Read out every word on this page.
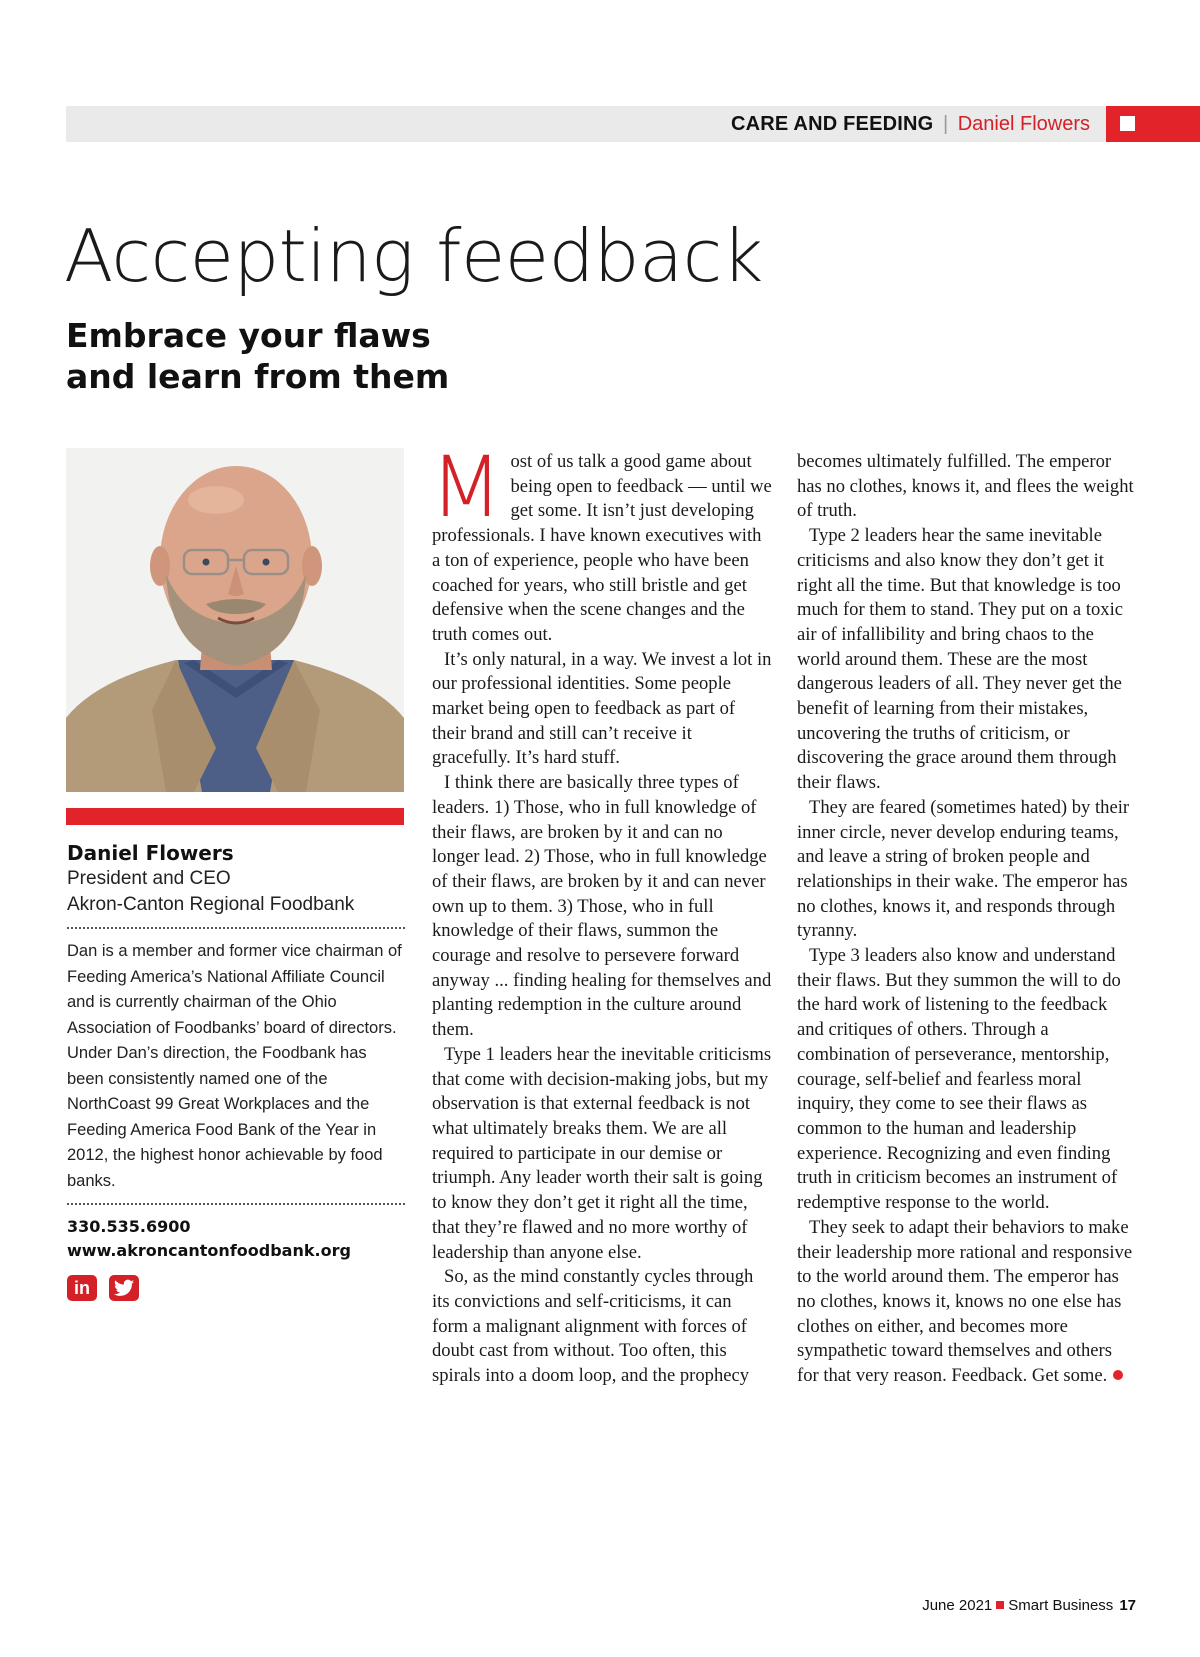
CARE AND FEEDING | Daniel Flowers
Accepting feedback
Embrace your flaws and learn from them
Daniel Flowers
President and CEO
Akron-Canton Regional Foodbank
Dan is a member and former vice chairman of Feeding America’s National Affiliate Council and is currently chairman of the Ohio Association of Foodbanks’ board of directors. Under Dan’s direction, the Foodbank has been consistently named one of the NorthCoast 99 Great Workplaces and the Feeding America Food Bank of the Year in 2012, the highest honor achievable by food banks.
330.535.6900
www.akroncantonfoodbank.org
in

Most of us talk a good game about being open to feedback — until we get some. It isn’t just developing professionals. I have known executives with a ton of experience, people who have been coached for years, who still bristle and get defensive when the scene changes and the truth comes out.

It’s only natural, in a way. We invest a lot in our professional identities. Some people market being open to feedback as part of their brand and still can’t receive it gracefully. It’s hard stuff.

I think there are basically three types of leaders. 1) Those, who in full knowledge of their flaws, are broken by it and can no longer lead. 2) Those, who in full knowledge of their flaws, are broken by it and can never own up to them. 3) Those, who in full knowledge of their flaws, summon the courage and resolve to persevere forward anyway ... finding healing for themselves and planting redemption in the culture around them.

Type 1 leaders hear the inevitable criticisms that come with decision-making jobs, but my observation is that external feedback is not what ultimately breaks them. We are all required to participate in our demise or triumph. Any leader worth their salt is going to know they don’t get it right all the time, that they’re flawed and no more worthy of leadership than anyone else.

So, as the mind constantly cycles through its convictions and self-criticisms, it can form a malignant alignment with forces of doubt cast from without. Too often, this spirals into a doom loop, and the prophecy

becomes ultimately fulfilled. The emperor has no clothes, knows it, and flees the weight of truth.

Type 2 leaders hear the same inevitable criticisms and also know they don’t get it right all the time. But that knowledge is too much for them to stand. They put on a toxic air of infallibility and bring chaos to the world around them. These are the most dangerous leaders of all. They never get the benefit of learning from their mistakes, uncovering the truths of criticism, or discovering the grace around them through their flaws.

They are feared (sometimes hated) by their inner circle, never develop enduring teams, and leave a string of broken people and relationships in their wake. The emperor has no clothes, knows it, and responds through tyranny.

Type 3 leaders also know and understand their flaws. But they summon the will to do the hard work of listening to the feedback and critiques of others. Through a combination of perseverance, mentorship, courage, self-belief and fearless moral inquiry, they come to see their flaws as common to the human and leadership experience. Recognizing and even finding truth in criticism becomes an instrument of redemptive response to the world.

They seek to adapt their behaviors to make their leadership more rational and responsive to the world around them. The emperor has no clothes, knows it, knows no one else has clothes on either, and becomes more sympathetic toward themselves and others for that very reason. Feedback. Get some.

June 2021 Smart Business 17
